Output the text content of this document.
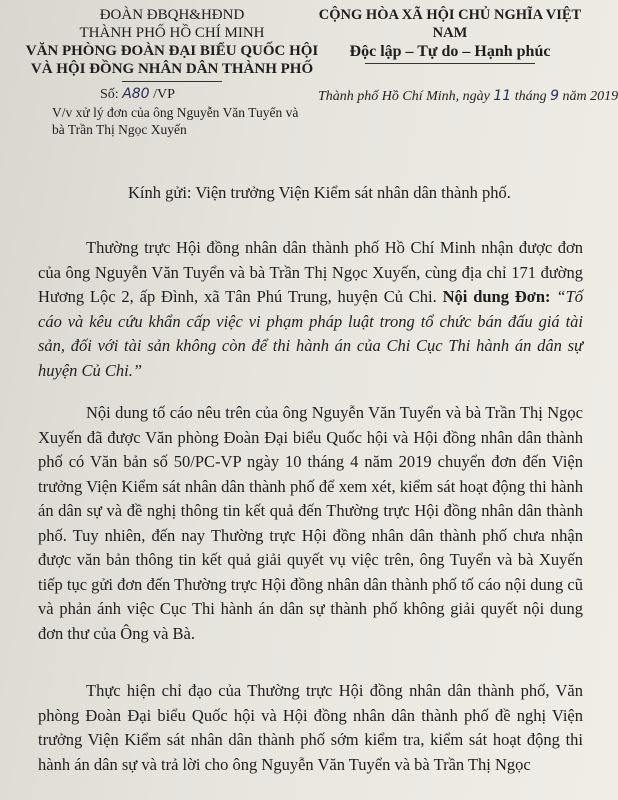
ĐOÀN ĐBQH&HĐND
THÀNH PHỐ HỒ CHÍ MINH
VĂN PHÒNG ĐOÀN ĐẠI BIỂU QUỐC HỘI
VÀ HỘI ĐỒNG NHÂN DÂN THÀNH PHỐ
CỘNG HÒA XÃ HỘI CHỦ NGHĨA VIỆT NAM
Độc lập – Tự do – Hạnh phúc
Số: A80 /VP
V/v xử lý đơn của ông Nguyễn Văn Tuyển và bà Trần Thị Ngọc Xuyến
Thành phố Hồ Chí Minh, ngày 11 tháng 9 năm 2019
Kính gửi: Viện trưởng Viện Kiểm sát nhân dân thành phố.

Thường trực Hội đồng nhân dân thành phố Hồ Chí Minh nhận được đơn của ông Nguyễn Văn Tuyển và bà Trần Thị Ngọc Xuyến, cùng địa chỉ 171 đường Hương Lộc 2, ấp Đình, xã Tân Phú Trung, huyện Củ Chi. Nội dung Đơn: “Tố cáo và kêu cứu khẩn cấp việc vi phạm pháp luật trong tổ chức bán đấu giá tài sản, đối với tài sản không còn để thi hành án của Chi Cục Thi hành án dân sự huyện Củ Chi.”

Nội dung tố cáo nêu trên của ông Nguyễn Văn Tuyển và bà Trần Thị Ngọc Xuyến đã được Văn phòng Đoàn Đại biểu Quốc hội và Hội đồng nhân dân thành phố có Văn bản số 50/PC-VP ngày 10 tháng 4 năm 2019 chuyển đơn đến Viện trưởng Viện Kiểm sát nhân dân thành phố để xem xét, kiểm sát hoạt động thi hành án dân sự và đề nghị thông tin kết quả đến Thường trực Hội đồng nhân dân thành phố. Tuy nhiên, đến nay Thường trực Hội đồng nhân dân thành phố chưa nhận được văn bản thông tin kết quả giải quyết vụ việc trên, ông Tuyển và bà Xuyến tiếp tục gửi đơn đến Thường trực Hội đồng nhân dân thành phố tố cáo nội dung cũ và phản ánh việc Cục Thi hành án dân sự thành phố không giải quyết nội dung đơn thư của Ông và Bà.

Thực hiện chỉ đạo của Thường trực Hội đồng nhân dân thành phố, Văn phòng Đoàn Đại biểu Quốc hội và Hội đồng nhân dân thành phố đề nghị Viện trưởng Viện Kiểm sát nhân dân thành phố sớm kiểm tra, kiểm sát hoạt động thi hành án dân sự và trả lời cho ông Nguyễn Văn Tuyển và bà Trần Thị Ngọc
